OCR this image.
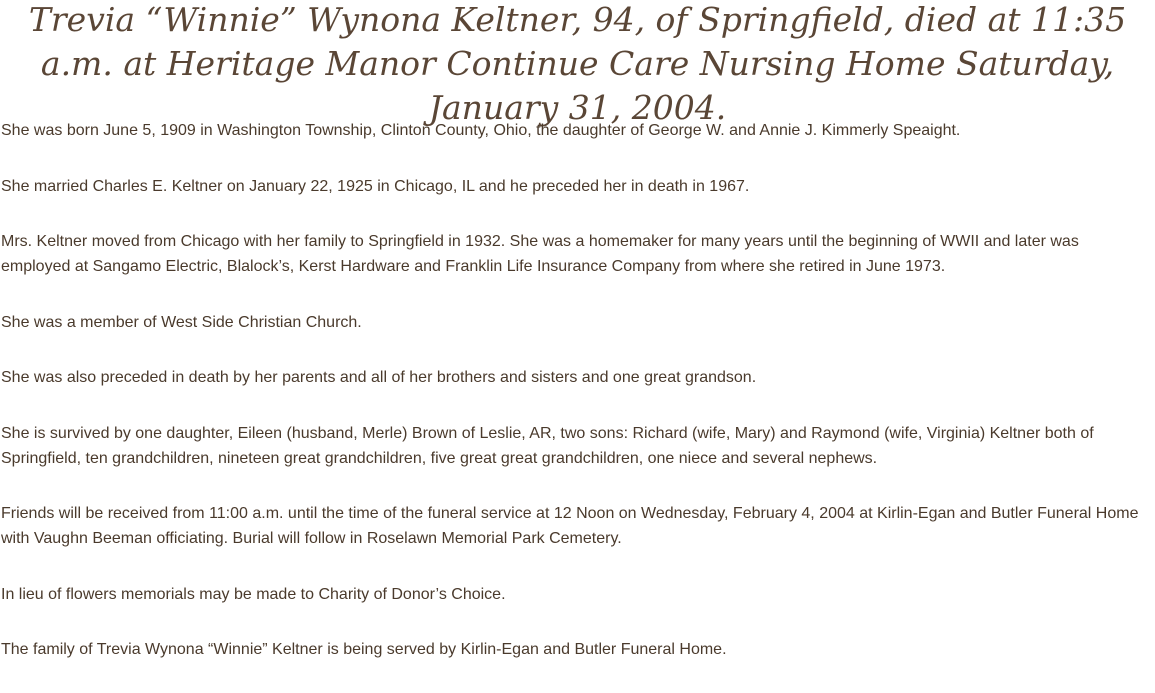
Trevia “Winnie” Wynona Keltner, 94, of Springfield, died at 11:35 a.m. at Heritage Manor Continue Care Nursing Home Saturday, January 31, 2004.

She was born June 5, 1909 in Washington Township, Clinton County, Ohio, the daughter of George W. and Annie J. Kimmerly Speaight.

She married Charles E. Keltner on January 22, 1925 in Chicago, IL and he preceded her in death in 1967.

Mrs. Keltner moved from Chicago with her family to Springfield in 1932. She was a homemaker for many years until the beginning of WWII and later was employed at Sangamo Electric, Blalock’s, Kerst Hardware and Franklin Life Insurance Company from where she retired in June 1973.

She was a member of West Side Christian Church.

She was also preceded in death by her parents and all of her brothers and sisters and one great grandson.

She is survived by one daughter, Eileen (husband, Merle) Brown of Leslie, AR, two sons: Richard (wife, Mary) and Raymond (wife, Virginia) Keltner both of Springfield, ten grandchildren, nineteen great grandchildren, five great great grandchildren, one niece and several nephews.

Friends will be received from 11:00 a.m. until the time of the funeral service at 12 Noon on Wednesday, February 4, 2004 at Kirlin-Egan and Butler Funeral Home with Vaughn Beeman officiating. Burial will follow in Roselawn Memorial Park Cemetery.

In lieu of flowers memorials may be made to Charity of Donor’s Choice.

The family of Trevia Wynona “Winnie” Keltner is being served by Kirlin-Egan and Butler Funeral Home.
